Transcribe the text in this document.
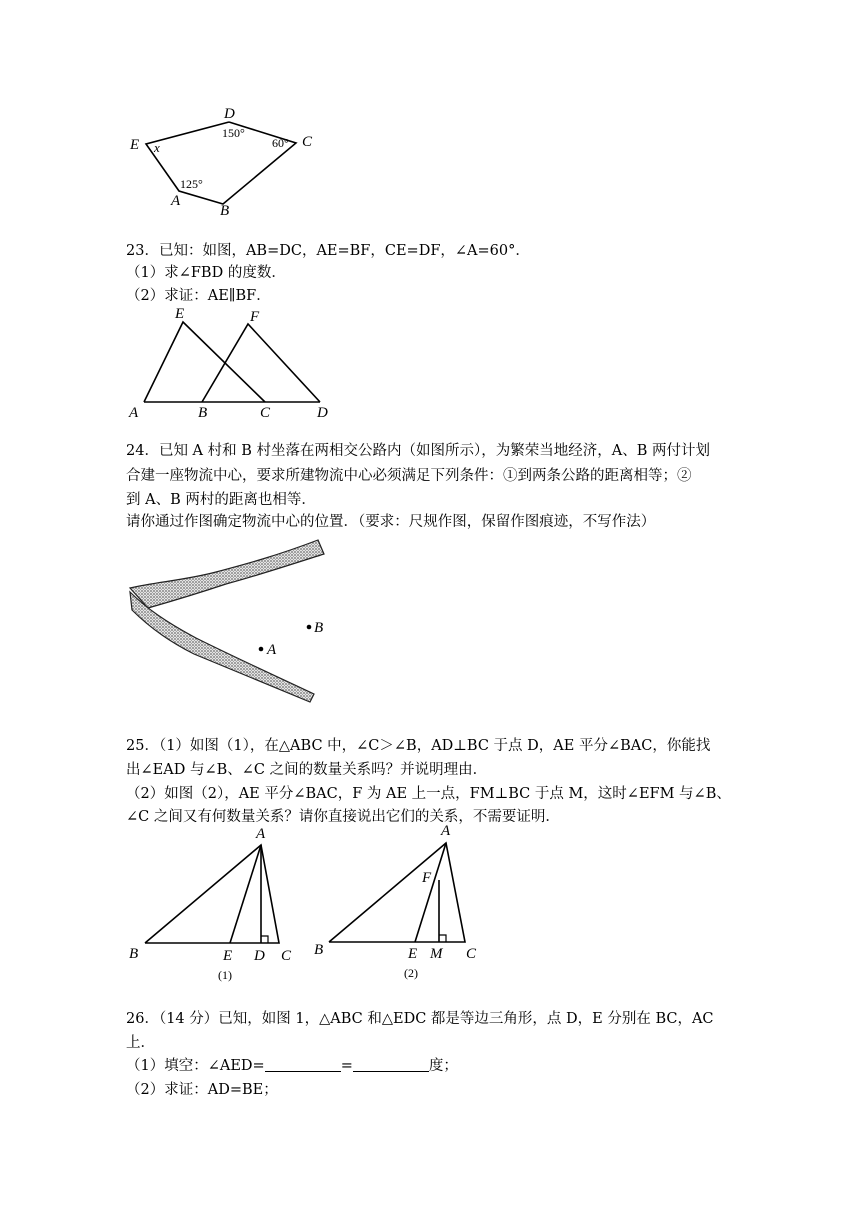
D
E	C
A
B
x
150°
60°
125°
23．已知：如图，AB=DC，AE=BF，CE=DF，∠A=60°．
（1）求∠FBD 的度数．
（2）求证：AE∥BF．
E	F
A	B	C	D
24．已知 A 村和 B 村坐落在两相交公路内（如图所示），为繁荣当地经济，A、B 两付计划
合建一座物流中心，要求所建物流中心必须满足下列条件：①到两条公路的距离相等；②
到 A、B 两村的距离也相等．
请你通过作图确定物流中心的位置．（要求：尺规作图，保留作图痕迹，不写作法）
A
B
25．（1）如图（1），在△ABC 中，∠C＞∠B，AD⊥BC 于点 D，AE 平分∠BAC，你能找
出∠EAD 与∠B、∠C 之间的数量关系吗？并说明理由．
（2）如图（2），AE 平分∠BAC，F 为 AE 上一点，FM⊥BC 于点 M，这时∠EFM 与∠B、
∠C 之间又有何数量关系？请你直接说出它们的关系，不需要证明．
A
B	E D C
(1)
A
F
B	E M C
(2)
26．（14 分）已知，如图 1，△ABC 和△EDC 都是等边三角形，点 D，E 分别在 BC，AC
上．
（1）填空：∠AED=	=	度；
（2）求证：AD=BE；
